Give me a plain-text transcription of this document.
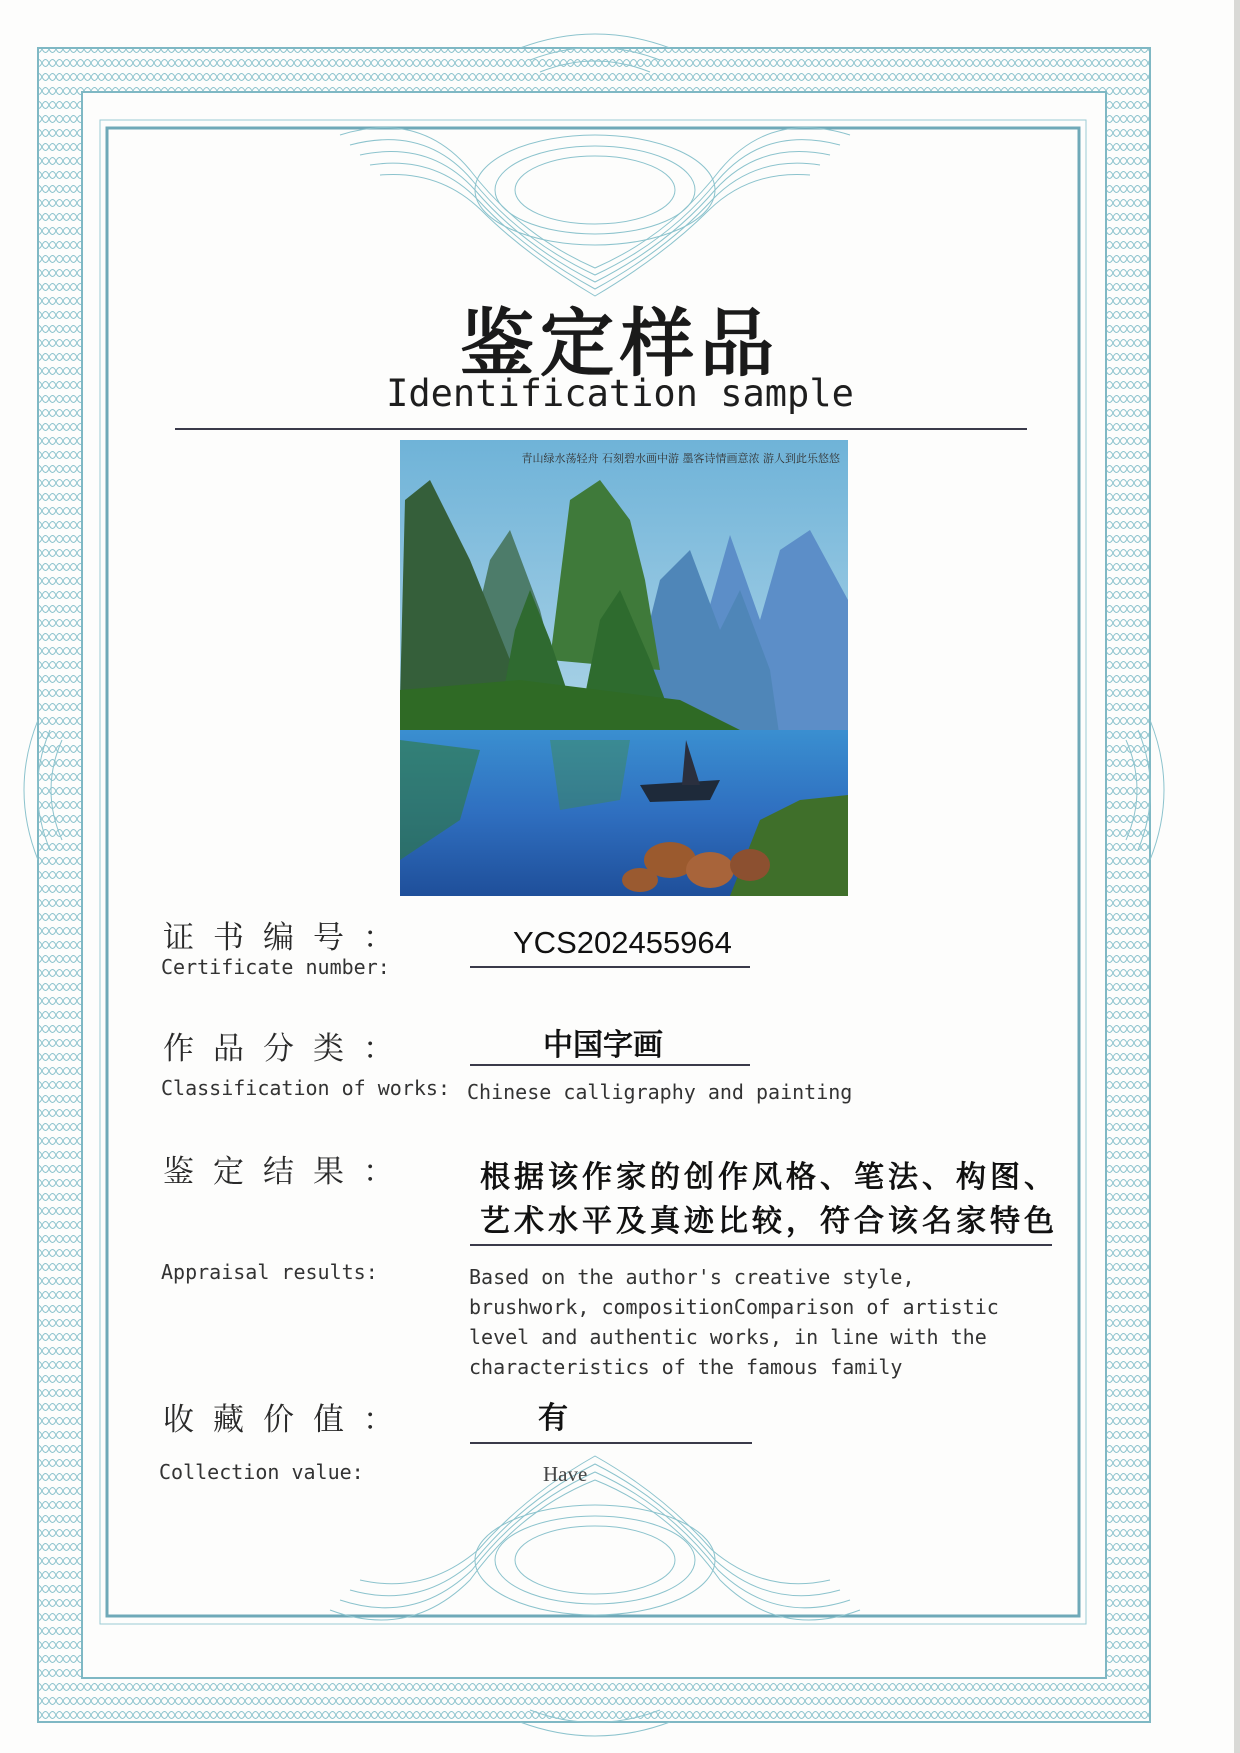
鉴定样品
Identification sample
青山绿水荡轻舟 石刻碧水画中游 墨客诗情画意浓 游人到此乐悠悠
证书编号：
Certificate number:
YCS202455964
作品分类：
Classification of works:
中国字画
Chinese calligraphy and painting
鉴定结果：
Appraisal results:
根据该作家的创作风格、笔法、构图、
艺术水平及真迹比较，符合该名家特色
Based on the author's creative style, brushwork, compositionComparison of artistic level and authentic works, in line with the characteristics of the famous family
收藏价值：
Collection value:
有
Have
